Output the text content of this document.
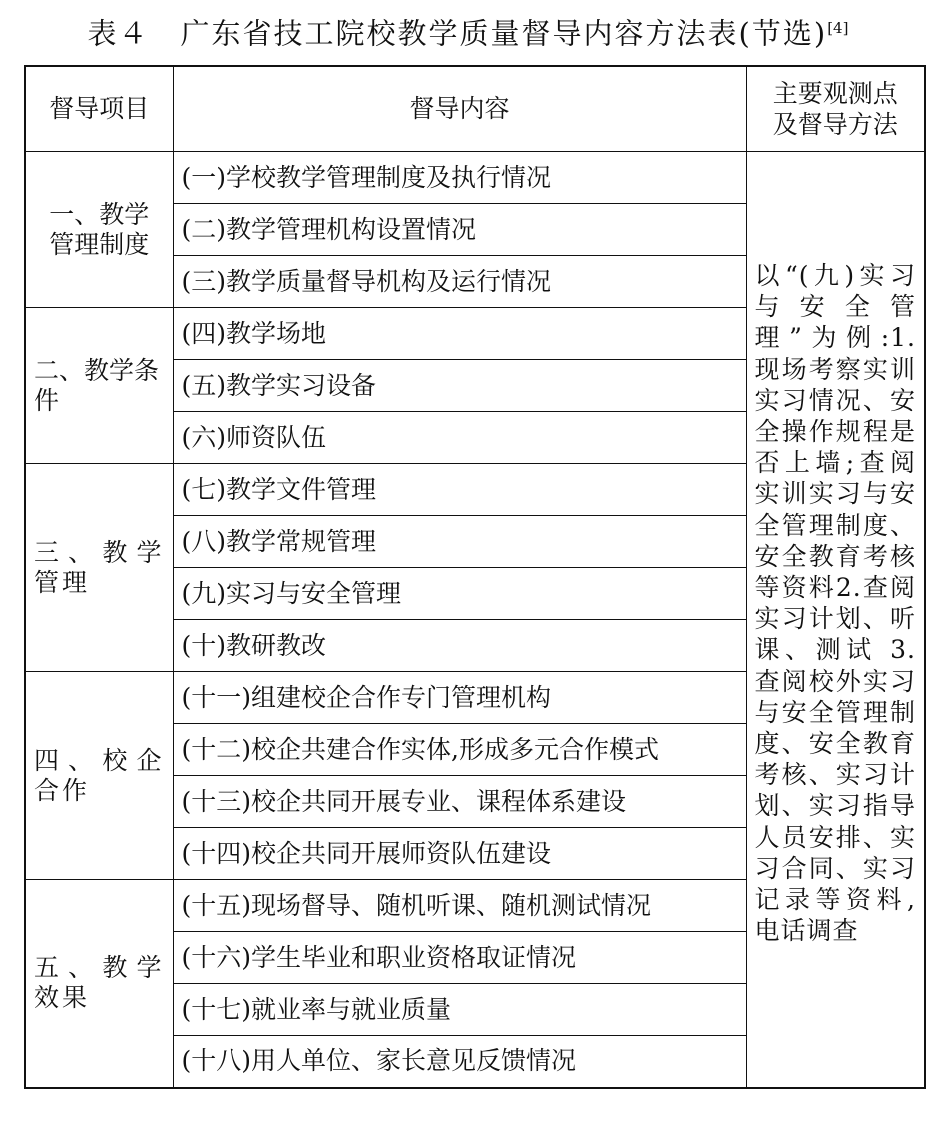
表４　广东省技工院校教学质量督导内容方法表(节选)[4]
督导项目	督导内容	主要观测点
及督导方法

一、教学管理制度	(一)学校教学管理制度及执行情况	以“(九)实习与安全管理”为例:1. 现场考察实训实习情况、安全操作规程是否上墙;查阅实训实习与安全管理制度、安全教育考核等资料2.查阅实习计划、听课、测试 3. 查阅校外实习与安全管理制度、安全教育考核、实习计划、实习指导人员安排、实习合同、实习记录等资料,电话调查
	(二)教学管理机构设置情况	
	(三)教学质量督导机构及运行情况	
二、教学条件	(四)教学场地	
	(五)教学实习设备	
	(六)师资队伍	
三、教学管理	(七)教学文件管理	
	(八)教学常规管理	
	(九)实习与安全管理	
	(十)教研教改	
四、校企合作	(十一)组建校企合作专门管理机构	
	(十二)校企共建合作实体,形成多元合作模式	
	(十三)校企共同开展专业、课程体系建设	
	(十四)校企共同开展师资队伍建设	
五、教学效果	(十五)现场督导、随机听课、随机测试情况	
	(十六)学生毕业和职业资格取证情况	
	(十七)就业率与就业质量	
	(十八)用人单位、家长意见反馈情况	
